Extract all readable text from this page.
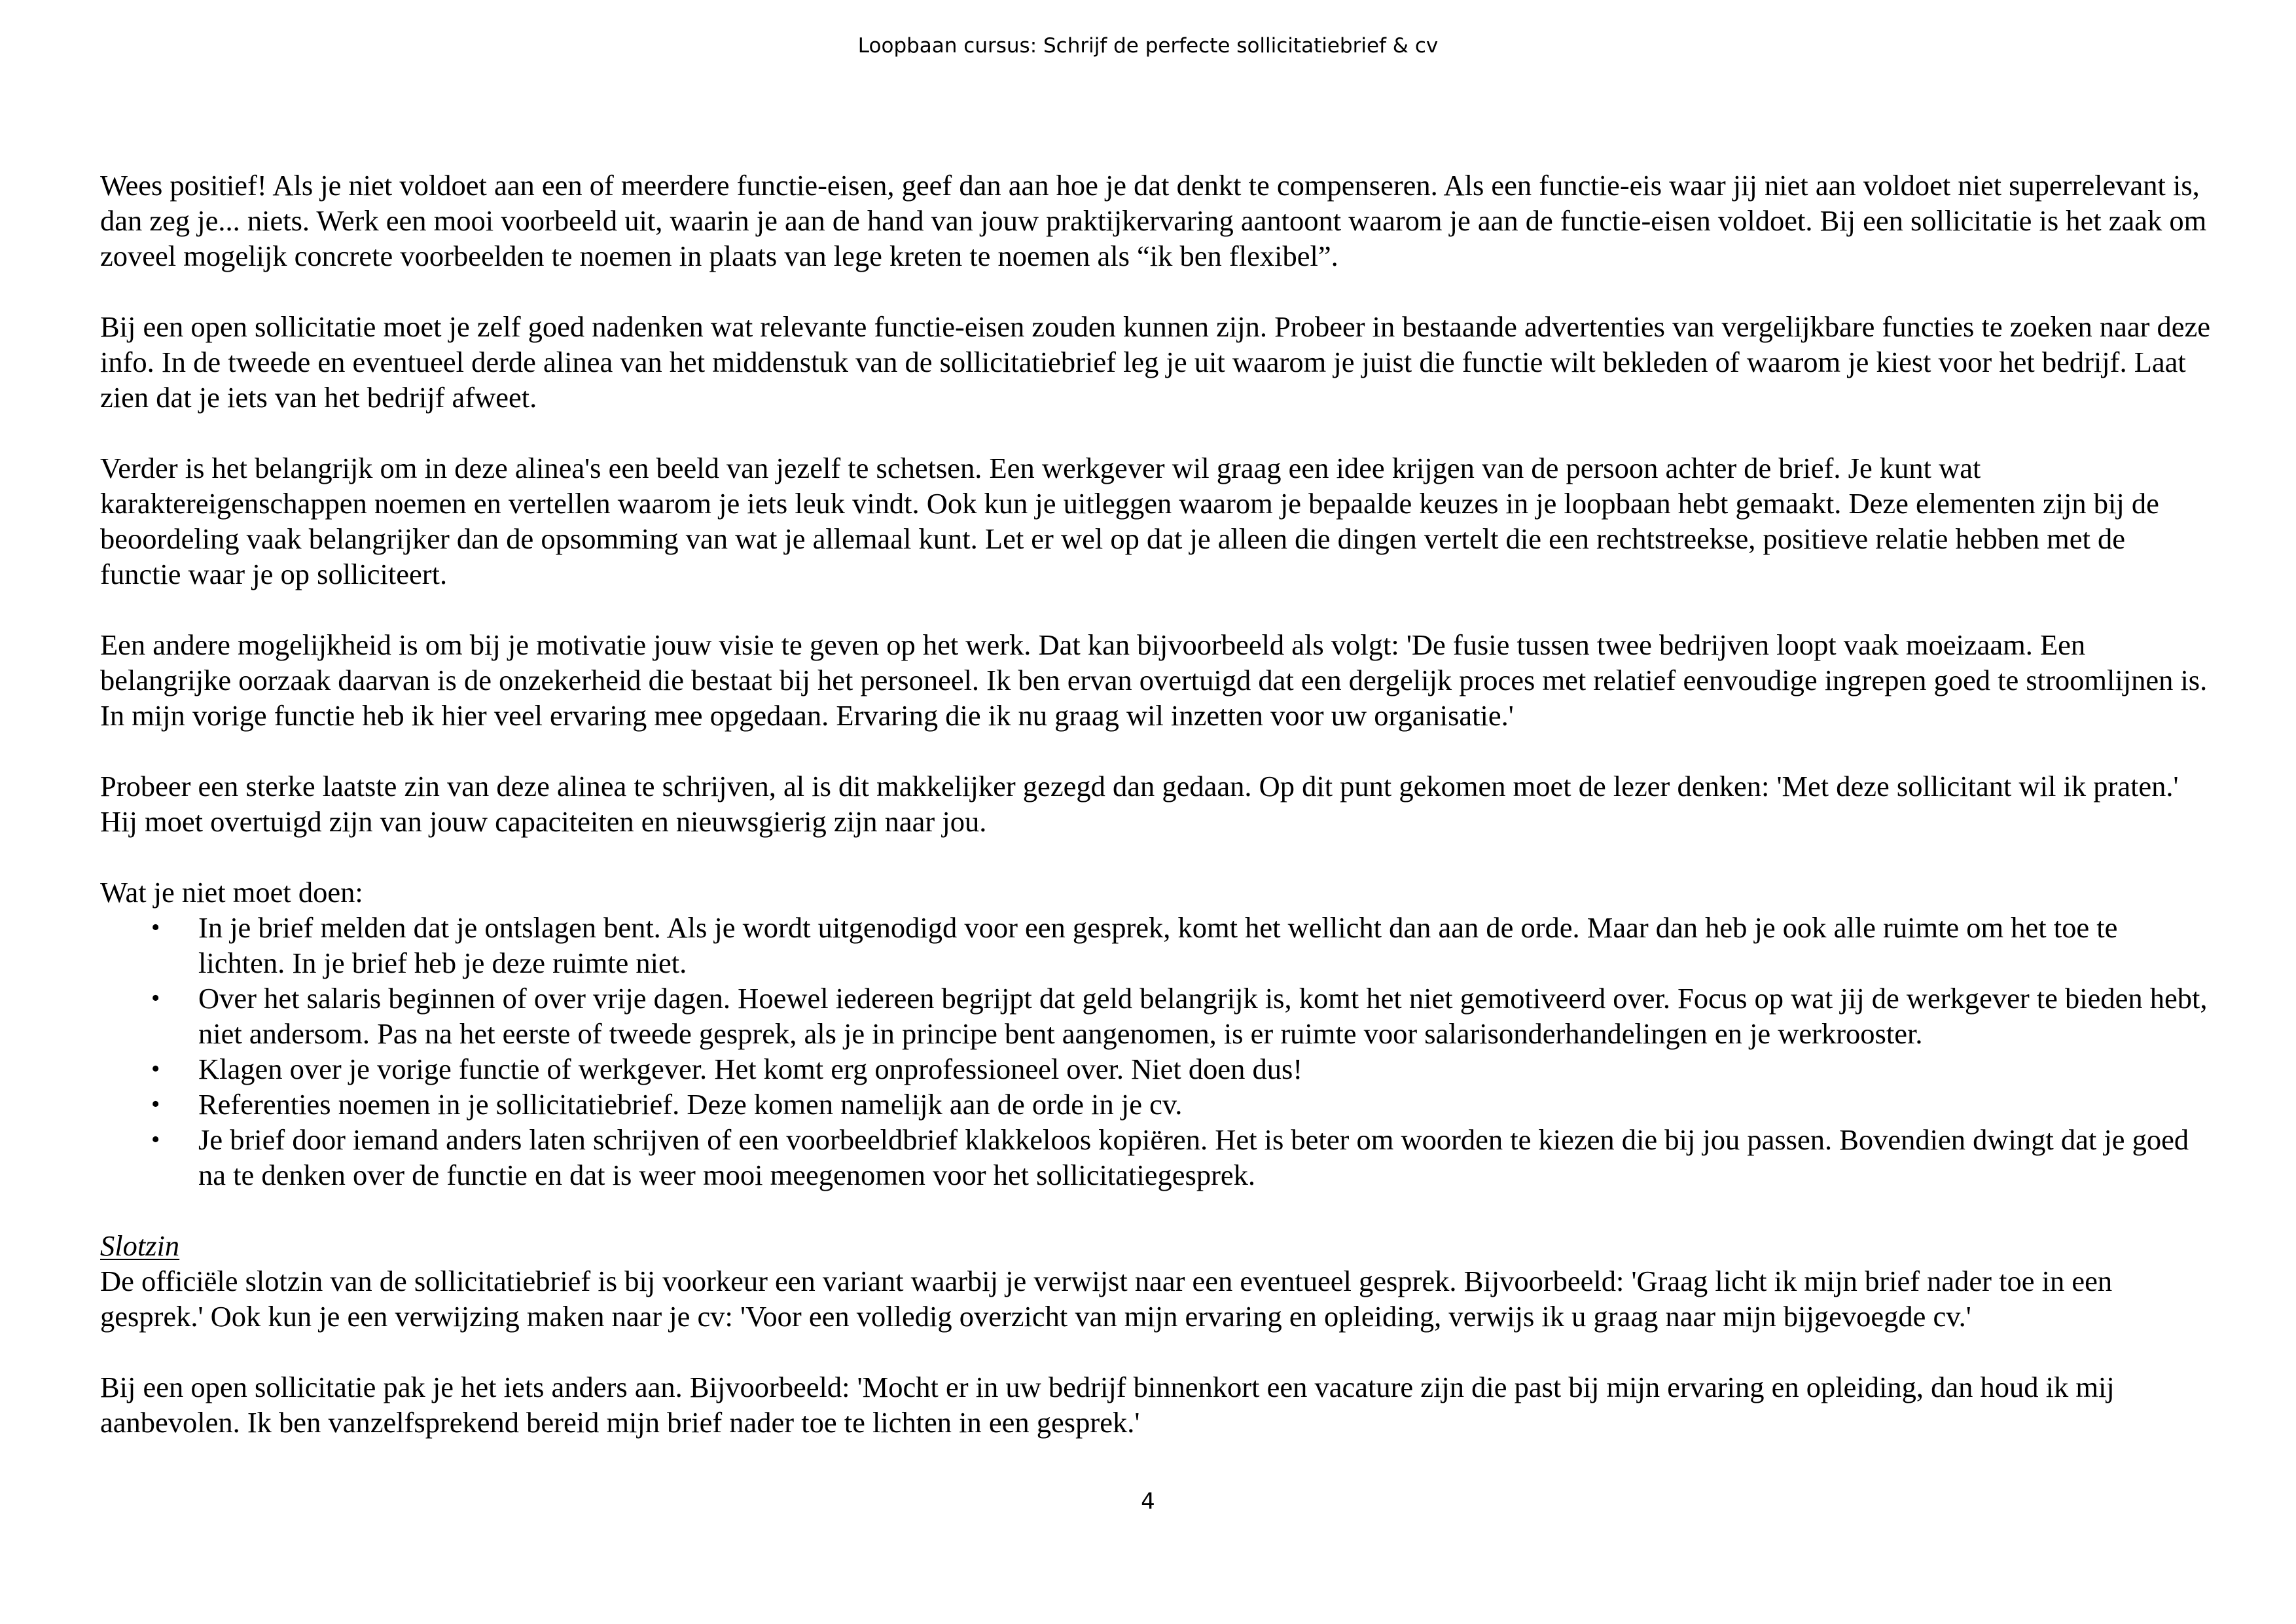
Loopbaan cursus: Schrijf de perfecte sollicitatiebrief & cv

Wees positief! Als je niet voldoet aan een of meerdere functie-eisen, geef dan aan hoe je dat denkt te compenseren. Als een functie-eis waar jij niet aan voldoet niet superrelevant is, dan zeg je... niets. Werk een mooi voorbeeld uit, waarin je aan de hand van jouw praktijkervaring aantoont waarom je aan de functie-eisen voldoet. Bij een sollicitatie is het zaak om zoveel mogelijk concrete voorbeelden te noemen in plaats van lege kreten te noemen als “ik ben flexibel”.

Bij een open sollicitatie moet je zelf goed nadenken wat relevante functie-eisen zouden kunnen zijn. Probeer in bestaande advertenties van vergelijkbare functies te zoeken naar deze info. In de tweede en eventueel derde alinea van het middenstuk van de sollicitatiebrief leg je uit waarom je juist die functie wilt bekleden of waarom je kiest voor het bedrijf. Laat zien dat je iets van het bedrijf afweet.

Verder is het belangrijk om in deze alinea's een beeld van jezelf te schetsen. Een werkgever wil graag een idee krijgen van de persoon achter de brief. Je kunt wat karaktereigenschappen noemen en vertellen waarom je iets leuk vindt. Ook kun je uitleggen waarom je bepaalde keuzes in je loopbaan hebt gemaakt. Deze elementen zijn bij de beoordeling vaak belangrijker dan de opsomming van wat je allemaal kunt. Let er wel op dat je alleen die dingen vertelt die een rechtstreekse, positieve relatie hebben met de functie waar je op solliciteert.

Een andere mogelijkheid is om bij je motivatie jouw visie te geven op het werk. Dat kan bijvoorbeeld als volgt: 'De fusie tussen twee bedrijven loopt vaak moeizaam. Een belangrijke oorzaak daarvan is de onzekerheid die bestaat bij het personeel. Ik ben ervan overtuigd dat een dergelijk proces met relatief eenvoudige ingrepen goed te stroomlijnen is. In mijn vorige functie heb ik hier veel ervaring mee opgedaan. Ervaring die ik nu graag wil inzetten voor uw organisatie.'

Probeer een sterke laatste zin van deze alinea te schrijven, al is dit makkelijker gezegd dan gedaan. Op dit punt gekomen moet de lezer denken: 'Met deze sollicitant wil ik praten.' Hij moet overtuigd zijn van jouw capaciteiten en nieuwsgierig zijn naar jou.

Wat je niet moet doen:

• In je brief melden dat je ontslagen bent. Als je wordt uitgenodigd voor een gesprek, komt het wellicht dan aan de orde. Maar dan heb je ook alle ruimte om het toe te lichten. In je brief heb je deze ruimte niet.
• Over het salaris beginnen of over vrije dagen. Hoewel iedereen begrijpt dat geld belangrijk is, komt het niet gemotiveerd over. Focus op wat jij de werkgever te bieden hebt, niet andersom. Pas na het eerste of tweede gesprek, als je in principe bent aangenomen, is er ruimte voor salarisonderhandelingen en je werkrooster.
• Klagen over je vorige functie of werkgever. Het komt erg onprofessioneel over. Niet doen dus!
• Referenties noemen in je sollicitatiebrief. Deze komen namelijk aan de orde in je cv.
• Je brief door iemand anders laten schrijven of een voorbeeldbrief klakkeloos kopiëren. Het is beter om woorden te kiezen die bij jou passen. Bovendien dwingt dat je goed na te denken over de functie en dat is weer mooi meegenomen voor het sollicitatiegesprek.

Slotzin

De officiële slotzin van de sollicitatiebrief is bij voorkeur een variant waarbij je verwijst naar een eventueel gesprek. Bijvoorbeeld: 'Graag licht ik mijn brief nader toe in een gesprek.' Ook kun je een verwijzing maken naar je cv: 'Voor een volledig overzicht van mijn ervaring en opleiding, verwijs ik u graag naar mijn bijgevoegde cv.'

Bij een open sollicitatie pak je het iets anders aan. Bijvoorbeeld: 'Mocht er in uw bedrijf binnenkort een vacature zijn die past bij mijn ervaring en opleiding, dan houd ik mij aanbevolen. Ik ben vanzelfsprekend bereid mijn brief nader toe te lichten in een gesprek.'

4
